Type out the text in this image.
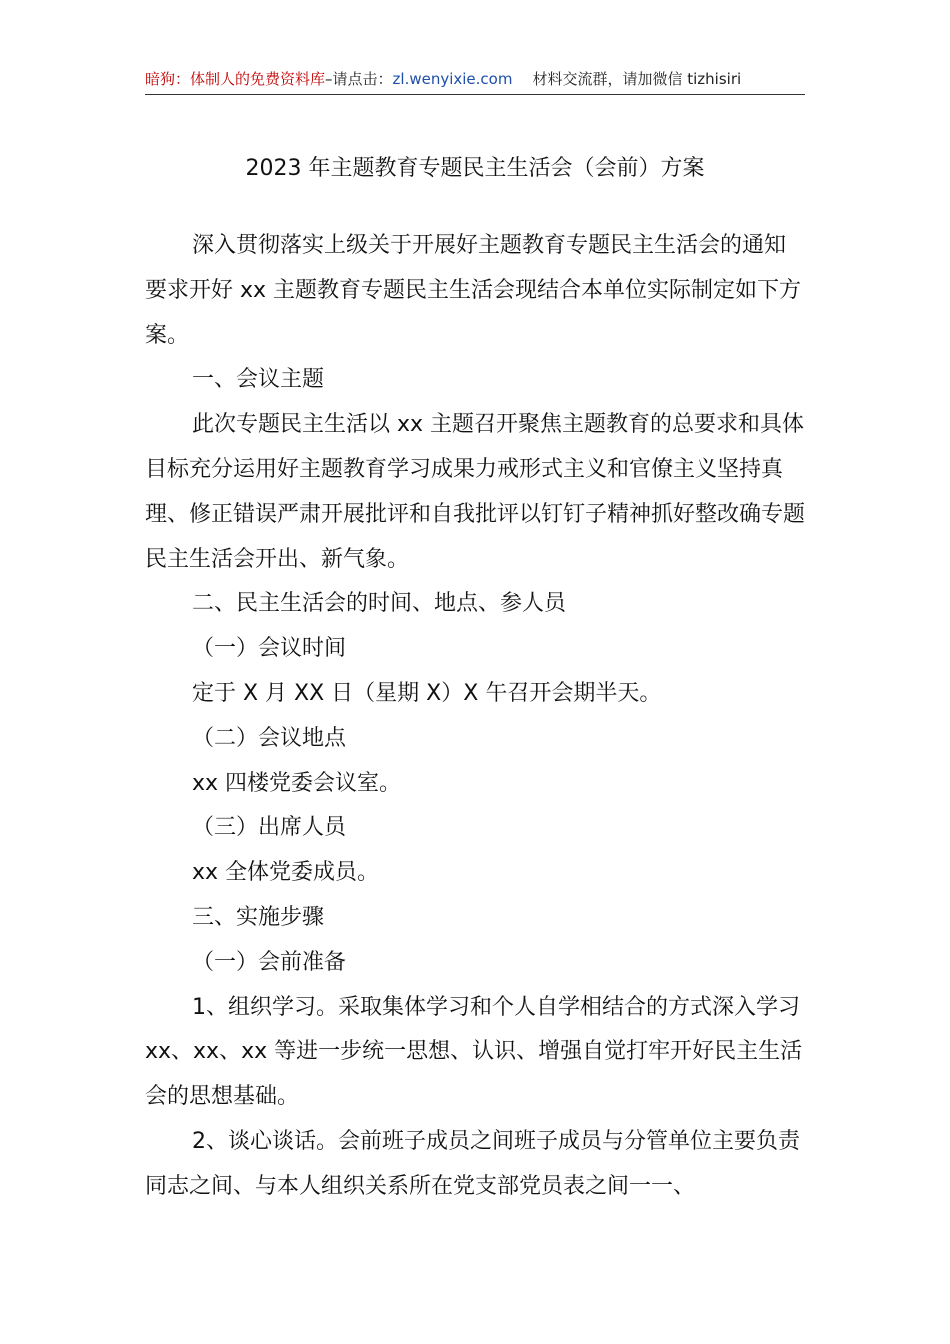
暗狗：体制人的免费资料库–请点击：zl.wenyixie.com 材料交流群，请加微信 tizhisiri
2023 年主题教育专题民主生活会（会前）方案

深入贯彻落实上级关于开展好主题教育专题民主生活会的通知要求开好 xx 主题教育专题民主生活会现结合本单位实际制定如下方案。

一、会议主题

此次专题民主生活以 xx 主题召开聚焦主题教育的总要求和具体目标充分运用好主题教育学习成果力戒形式主义和官僚主义坚持真理、修正错误严肃开展批评和自我批评以钉钉子精神抓好整改确专题民主生活会开出、新气象。

二、民主生活会的时间、地点、参人员

（一）会议时间

定于 X 月 XX 日（星期 X）X 午召开会期半天。

（二）会议地点

xx 四楼党委会议室。

（三）出席人员

xx 全体党委成员。

三、实施步骤

（一）会前准备

1、组织学习。采取集体学习和个人自学相结合的方式深入学习 xx、xx、xx 等进一步统一思想、认识、增强自觉打牢开好民主生活会的思想基础。

2、谈心谈话。会前班子成员之间班子成员与分管单位主要负责同志之间、与本人组织关系所在党支部党员表之间一一、
